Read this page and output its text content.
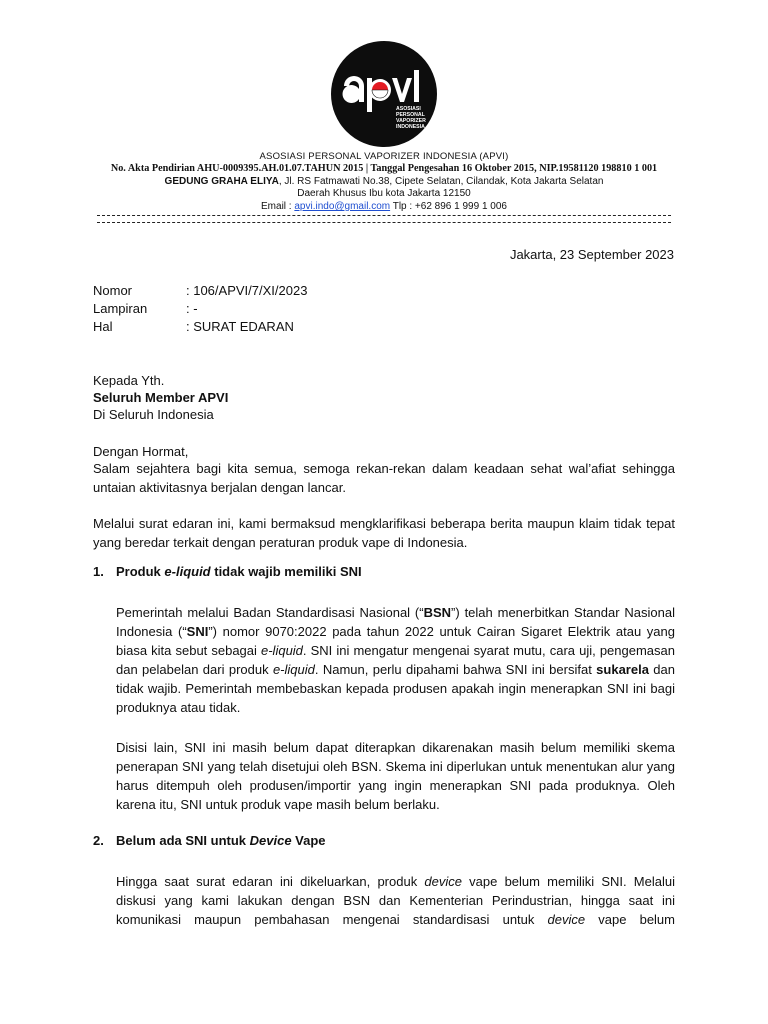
ASOSIASI
PERSONAL
VAPORIZER
INDONESIA
ASOSIASI PERSONAL VAPORIZER INDONESIA (APVI)
No. Akta Pendirian AHU-0009395.AH.01.07.TAHUN 2015 | Tanggal Pengesahan 16 Oktober 2015, NIP.19581120 198810 1 001
GEDUNG GRAHA ELIYA, Jl. RS Fatmawati No.38, Cipete Selatan, Cilandak, Kota Jakarta Selatan
Daerah Khusus Ibu kota Jakarta 12150
Email : apvi.indo@gmail.com Tlp : +62 896 1 999 1 006
Jakarta, 23 September 2023
Nomor	: 106/APVI/7/XI/2023
Lampiran	: -
Hal	: SURAT EDARAN
Kepada Yth.
Seluruh Member APVI
Di Seluruh Indonesia
Dengan Hormat,
Salam sejahtera bagi kita semua, semoga rekan-rekan dalam keadaan sehat wal’afiat sehingga untaian aktivitasnya berjalan dengan lancar.
Melalui surat edaran ini, kami bermaksud mengklarifikasi beberapa berita maupun klaim tidak tepat yang beredar terkait dengan peraturan produk vape di Indonesia.
1. Produk e-liquid tidak wajib memiliki SNI
Pemerintah melalui Badan Standardisasi Nasional (“BSN”) telah menerbitkan Standar Nasional Indonesia (“SNI”) nomor 9070:2022 pada tahun 2022 untuk Cairan Sigaret Elektrik atau yang biasa kita sebut sebagai e-liquid. SNI ini mengatur mengenai syarat mutu, cara uji, pengemasan dan pelabelan dari produk e-liquid. Namun, perlu dipahami bahwa SNI ini bersifat sukarela dan tidak wajib. Pemerintah membebaskan kepada produsen apakah ingin menerapkan SNI ini bagi produknya atau tidak.
Disisi lain, SNI ini masih belum dapat diterapkan dikarenakan masih belum memiliki skema penerapan SNI yang telah disetujui oleh BSN. Skema ini diperlukan untuk menentukan alur yang harus ditempuh oleh produsen/importir yang ingin menerapkan SNI pada produknya. Oleh karena itu, SNI untuk produk vape masih belum berlaku.
2. Belum ada SNI untuk Device Vape
Hingga saat surat edaran ini dikeluarkan, produk device vape belum memiliki SNI. Melalui diskusi yang kami lakukan dengan BSN dan Kementerian Perindustrian, hingga saat ini komunikasi maupun pembahasan mengenai standardisasi untuk device vape belum
